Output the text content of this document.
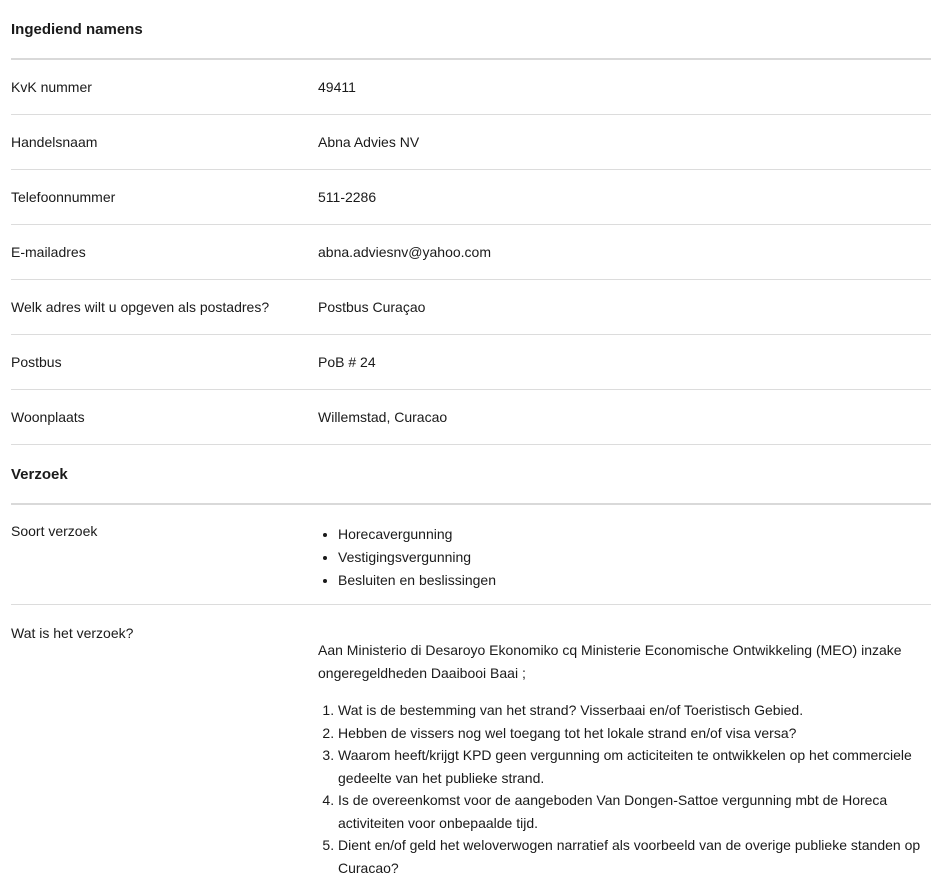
Ingediend namens
KvK nummer	49411
Handelsnaam	Abna Advies NV
Telefoonnummer	511-2286
E-mailadres	abna.adviesnv@yahoo.com
Welk adres wilt u opgeven als postadres?	Postbus Curaçao
Postbus	PoB # 24
Woonplaats	Willemstad, Curacao
Verzoek
Soort verzoek
•	Horecavergunning
• Vestigingsvergunning
• Besluiten en beslissingen
Wat is het verzoek?

Aan Ministerio di Desaroyo Ekonomiko cq Ministerie Economische Ontwikkeling (MEO) inzake ongeregeldheden Daaibooi Baai ;

1. Wat is de bestemming van het strand? Visserbaai en/of Toeristisch Gebied.
2. Hebben de vissers nog wel toegang tot het lokale strand en/of visa versa?
3. Waarom heeft/krijgt KPD geen vergunning om acticiteiten te ontwikkelen op het commerciele gedeelte van het publieke strand.
4. Is de overeenkomst voor de aangeboden Van Dongen-Sattoe vergunning mbt de Horeca activiteiten voor onbepaalde tijd.
5. Dient en/of geld het weloverwogen narratief als voorbeeld van de overige publieke standen op Curacao?
